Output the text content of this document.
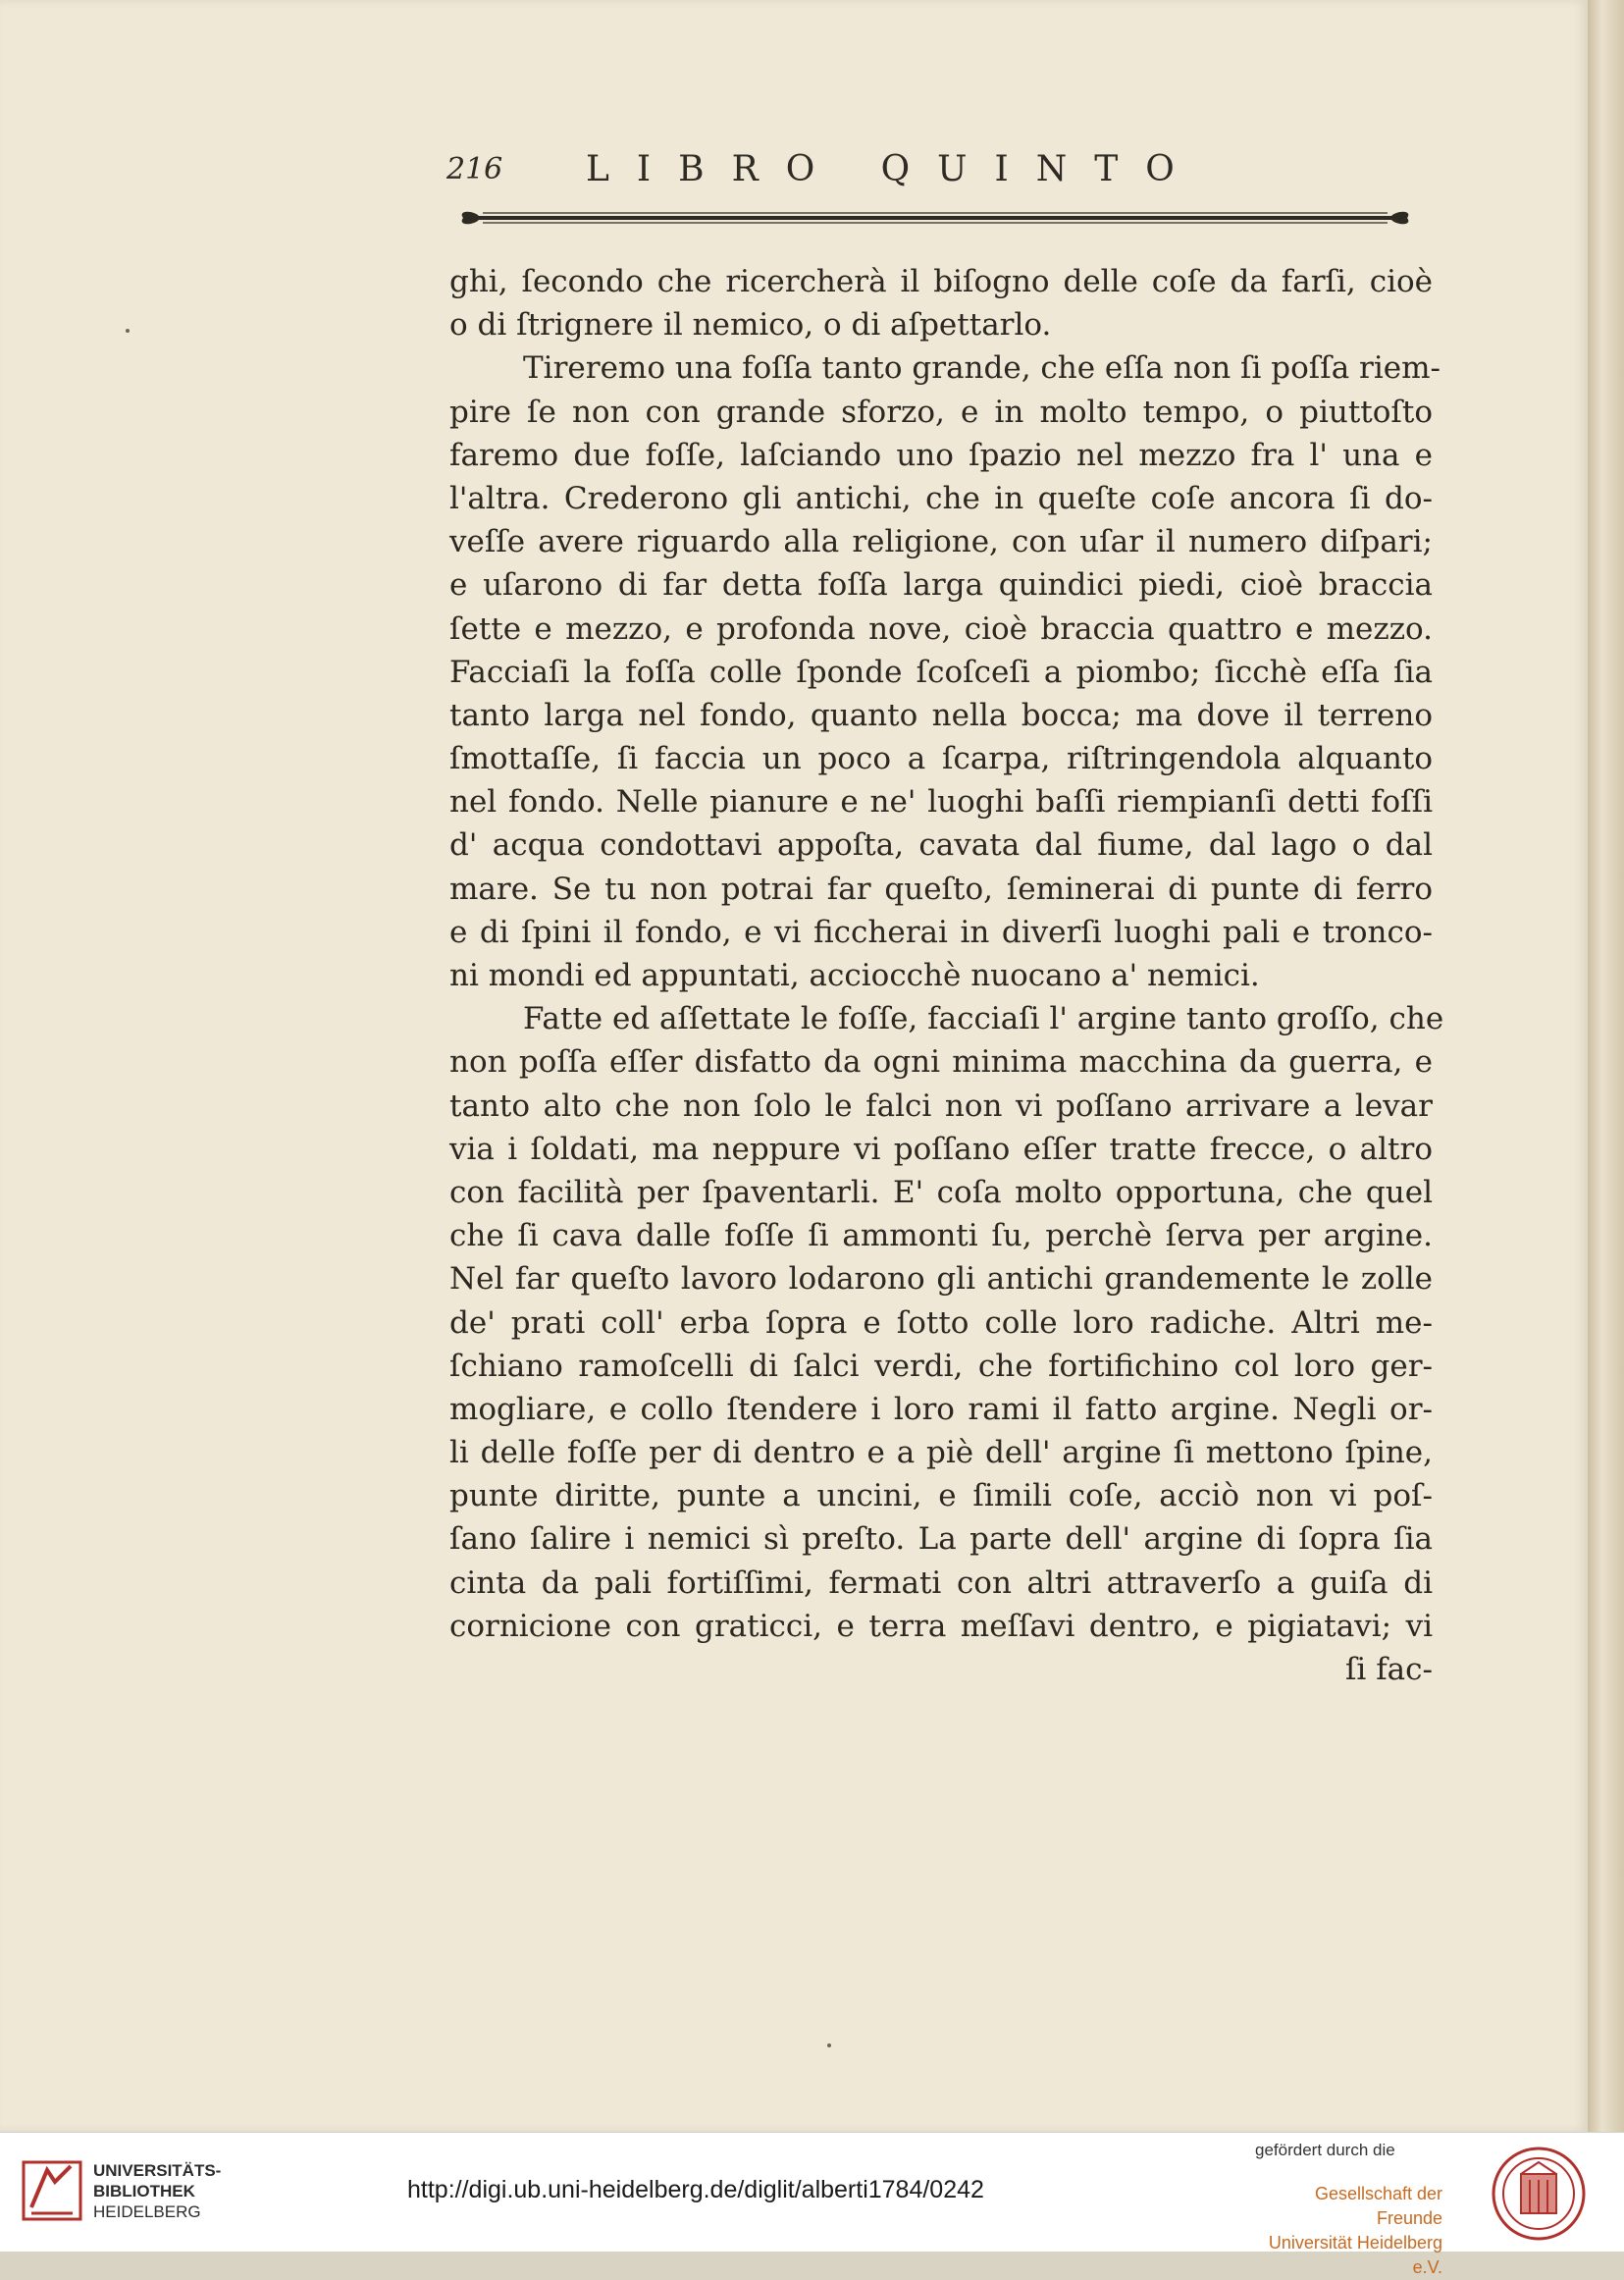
216	LIBRO QUINTO
ghi, ſecondo che ricercherà il biſogno delle coſe da farſi, cioè
o di ſtrignere il nemico, o di aſpettarlo.
Tireremo una foſſa tanto grande, che eſſa non ſi poſſa riem-
pire ſe non con grande sforzo, e in molto tempo, o piuttoſto
faremo due foſſe, laſciando uno ſpazio nel mezzo fra l' una e
l'altra. Crederono gli antichi, che in queſte coſe ancora ſi do-
veſſe avere riguardo alla religione, con uſar il numero diſpari;
e uſarono di far detta foſſa larga quindici piedi, cioè braccia
ſette e mezzo, e profonda nove, cioè braccia quattro e mezzo.
Facciaſi la foſſa colle ſponde ſcoſceſi a piombo; ſicchè eſſa ſia
tanto larga nel fondo, quanto nella bocca; ma dove il terreno
ſmottaſſe, ſi faccia un poco a ſcarpa, riſtringendola alquanto
nel fondo. Nelle pianure e ne' luoghi baſſi riempianſi detti foſſi
d' acqua condottavi appoſta, cavata dal fiume, dal lago o dal
mare. Se tu non potrai far queſto, ſeminerai di punte di ferro
e di ſpini il fondo, e vi ficcherai in diverſi luoghi pali e tronco-
ni mondi ed appuntati, acciocchè nuocano a' nemici.
Fatte ed aſſettate le foſſe, facciaſi l' argine tanto groſſo, che
non poſſa eſſer disfatto da ogni minima macchina da guerra, e
tanto alto che non ſolo le falci non vi poſſano arrivare a levar
via i ſoldati, ma neppure vi poſſano eſſer tratte frecce, o altro
con facilità per ſpaventarli. E' coſa molto opportuna, che quel
che ſi cava dalle foſſe ſi ammonti ſu, perchè ſerva per argine.
Nel far queſto lavoro lodarono gli antichi grandemente le zolle
de' prati coll' erba ſopra e ſotto colle loro radiche. Altri me-
ſchiano ramoſcelli di ſalci verdi, che fortifichino col loro ger-
mogliare, e collo ſtendere i loro rami il fatto argine. Negli or-
li delle foſſe per di dentro e a piè dell' argine ſi mettono ſpine,
punte diritte, punte a uncini, e ſimili coſe, acciò non vi poſ-
ſano ſalire i nemici sì preſto. La parte dell' argine di ſopra ſia
cinta da pali fortiſſimi, fermati con altri attraverſo a guiſa di
cornicione con graticci, e terra meſſavi dentro, e pigiatavi; vi
ſi fac-
UNIVERSITÄTS-
BIBLIOTHEK
HEIDELBERG
http://digi.ub.uni-heidelberg.de/diglit/alberti1784/0242
gefördert durch die
Gesellschaft der Freunde
Universität Heidelberg e.V.
